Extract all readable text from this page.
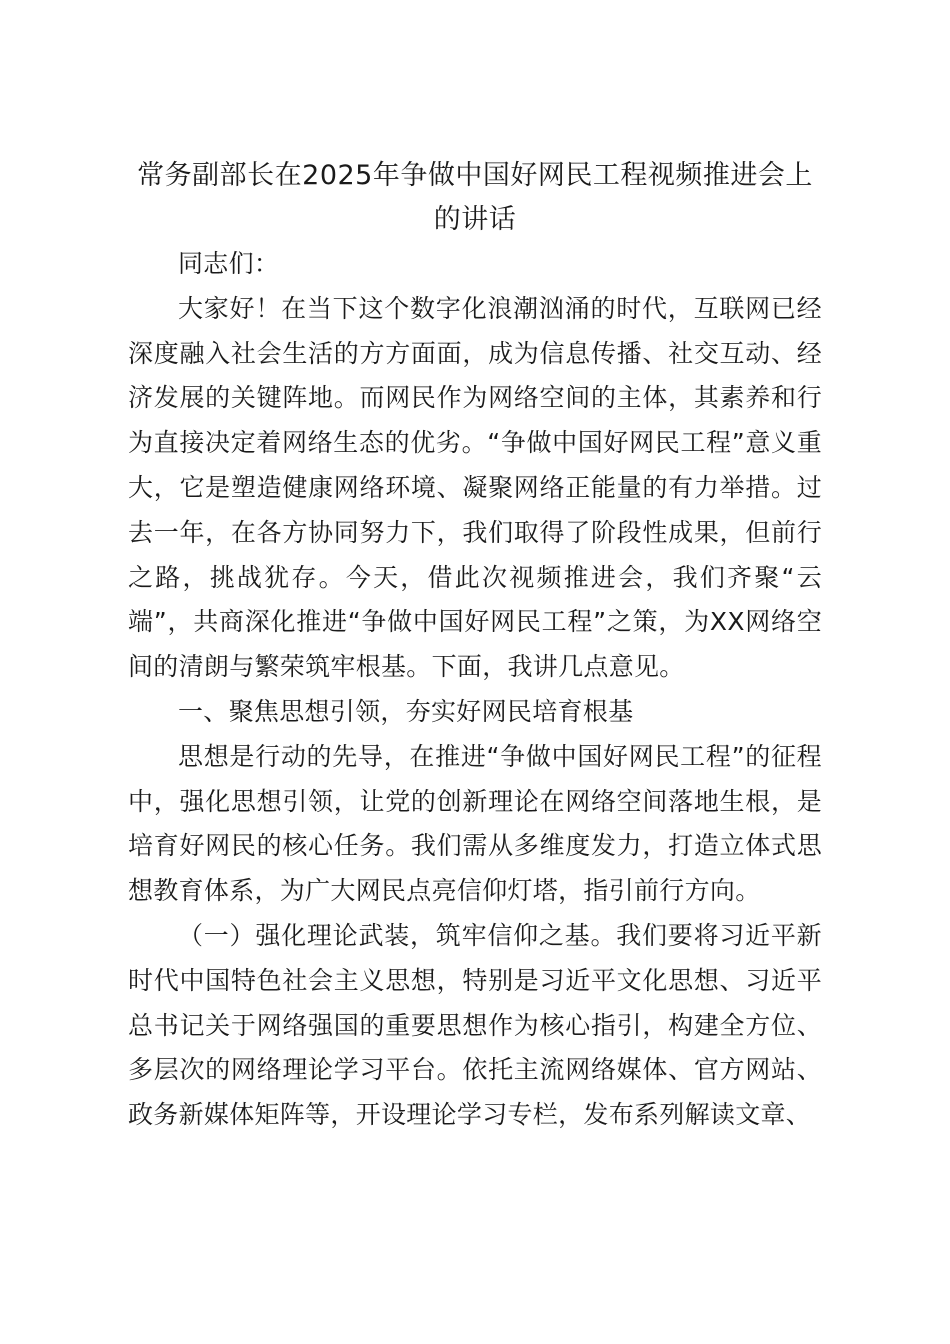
常务副部长在2025年争做中国好网民工程视频推进会上的讲话

同志们：

大家好！在当下这个数字化浪潮汹涌的时代，互联网已经深度融入社会生活的方方面面，成为信息传播、社交互动、经济发展的关键阵地。而网民作为网络空间的主体，其素养和行为直接决定着网络生态的优劣。“争做中国好网民工程”意义重大，它是塑造健康网络环境、凝聚网络正能量的有力举措。过去一年，在各方协同努力下，我们取得了阶段性成果，但前行之路，挑战犹存。今天，借此次视频推进会，我们齐聚“云端”，共商深化推进“争做中国好网民工程”之策，为XX网络空间的清朗与繁荣筑牢根基。下面，我讲几点意见。

一、聚焦思想引领，夯实好网民培育根基

思想是行动的先导，在推进“争做中国好网民工程”的征程中，强化思想引领，让党的创新理论在网络空间落地生根，是培育好网民的核心任务。我们需从多维度发力，打造立体式思想教育体系，为广大网民点亮信仰灯塔，指引前行方向。

（一）强化理论武装，筑牢信仰之基。我们要将习近平新时代中国特色社会主义思想，特别是习近平文化思想、习近平总书记关于网络强国的重要思想作为核心指引，构建全方位、多层次的网络理论学习平台。依托主流网络媒体、官方网站、政务新媒体矩阵等，开设理论学习专栏，发布系列解读文章、
